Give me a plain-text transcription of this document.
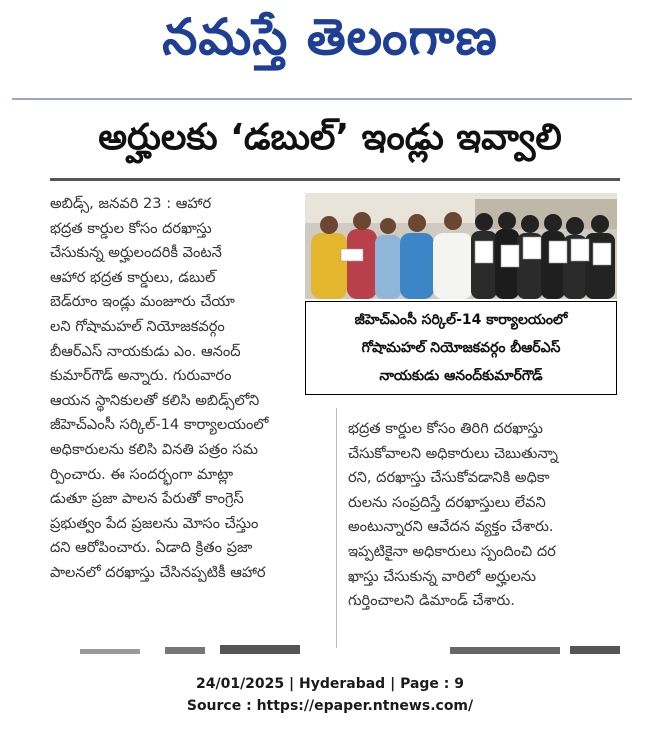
నమస్తే తెలంగాణ
అర్హులకు ‘డబుల్’ ఇండ్లు ఇవ్వాలి

అబిడ్స్, జనవరి 23 : ఆహార

భద్రత కార్డుల కోసం దరఖాస్తు

చేసుకున్న అర్హులందరికీ వెంటనే

ఆహార భద్రత కార్డులు, డబుల్

బెడ్‌రూం ఇండ్లు మంజూరు చేయా

లని గోషామహల్ నియోజకవర్గం

బీఆర్‌ఎస్ నాయకుడు ఎం. ఆనంద్

కుమార్‌గౌడ్ అన్నారు. గురువారం

ఆయన స్థానికులతో కలిసి అబిడ్స్‌లోని

జీహెచ్‌ఎంసీ సర్కిల్-14 కార్యాలయంలో

అధికారులను కలిసి వినతి పత్రం సమ

ర్పించారు. ఈ సందర్భంగా మాట్లా

డుతూ ప్రజా పాలన పేరుతో కాంగ్రెస్

ప్రభుత్వం పేద ప్రజలను మోసం చేస్తుం

దని ఆరోపించారు. ఏడాది క్రితం ప్రజా

పాలనలో దరఖాస్తు చేసినప్పటికీ ఆహార

జీహెచ్‌ఎంసీ సర్కిల్-14 కార్యాలయంలో
గోషామహల్ నియోజకవర్గం బీఆర్‌ఎస్
నాయకుడు ఆనంద్‌కుమార్‌గౌడ్

భద్రత కార్డుల కోసం తిరిగి దరఖాస్తు

చేసుకోవాలని అధికారులు చెబుతున్నా

రని, దరఖాస్తు చేసుకోవడానికి అధికా

రులను సంప్రదిస్తే దరఖాస్తులు లేవని

అంటున్నారని ఆవేదన వ్యక్తం చేశారు.

ఇప్పటికైనా అధికారులు స్పందించి దర

ఖాస్తు చేసుకున్న వారిలో అర్హులను

గుర్తించాలని డిమాండ్ చేశారు.

24/01/2025 | Hyderabad | Page : 9
Source : https://epaper.ntnews.com/
